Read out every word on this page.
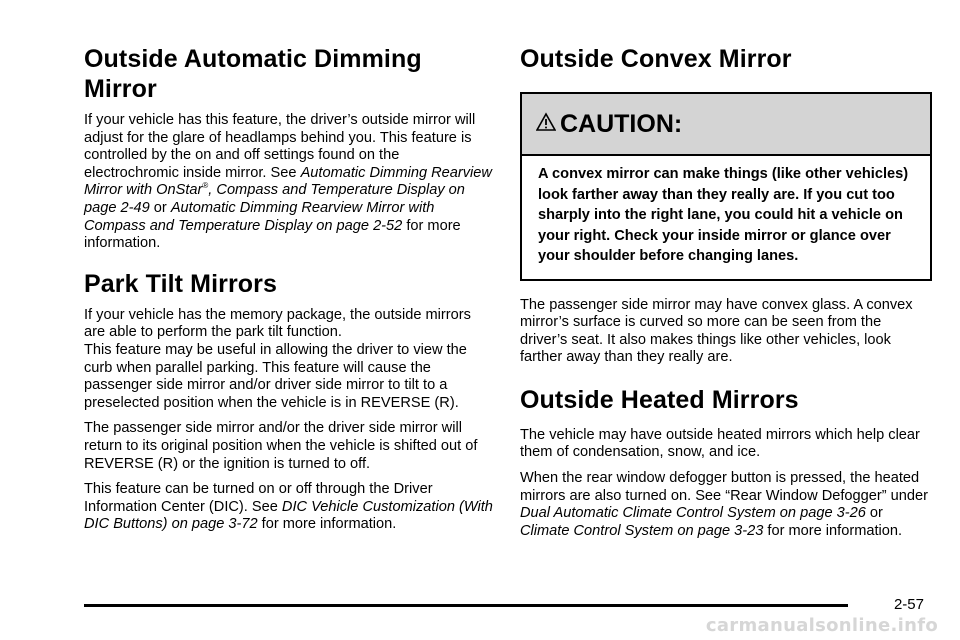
Outside Automatic Dimming Mirror

If your vehicle has this feature, the driver’s outside mirror will adjust for the glare of headlamps behind you. This feature is controlled by the on and off settings found on the electrochromic inside mirror. See Automatic Dimming Rearview Mirror with OnStar®, Compass and Temperature Display on page 2-49 or Automatic Dimming Rearview Mirror with Compass and Temperature Display on page 2-52 for more information.

Park Tilt Mirrors

If your vehicle has the memory package, the outside mirrors are able to perform the park tilt function.
This feature may be useful in allowing the driver to view the curb when parallel parking. This feature will cause the passenger side mirror and/or driver side mirror to tilt to a preselected position when the vehicle is in REVERSE (R).

The passenger side mirror and/or the driver side mirror will return to its original position when the vehicle is shifted out of REVERSE (R) or the ignition is turned to off.

This feature can be turned on or off through the Driver Information Center (DIC). See DIC Vehicle Customization (With DIC Buttons) on page 3-72 for more information.

Outside Convex Mirror
CAUTION:
A convex mirror can make things (like other vehicles) look farther away than they really are. If you cut too sharply into the right lane, you could hit a vehicle on your right. Check your inside mirror or glance over your shoulder before changing lanes.

The passenger side mirror may have convex glass. A convex mirror’s surface is curved so more can be seen from the driver’s seat. It also makes things like other vehicles, look farther away than they really are.

Outside Heated Mirrors

The vehicle may have outside heated mirrors which help clear them of condensation, snow, and ice.

When the rear window defogger button is pressed, the heated mirrors are also turned on. See “Rear Window Defogger” under Dual Automatic Climate Control System on page 3-26 or Climate Control System on page 3-23 for more information.

2-57
carmanualsonline.info
